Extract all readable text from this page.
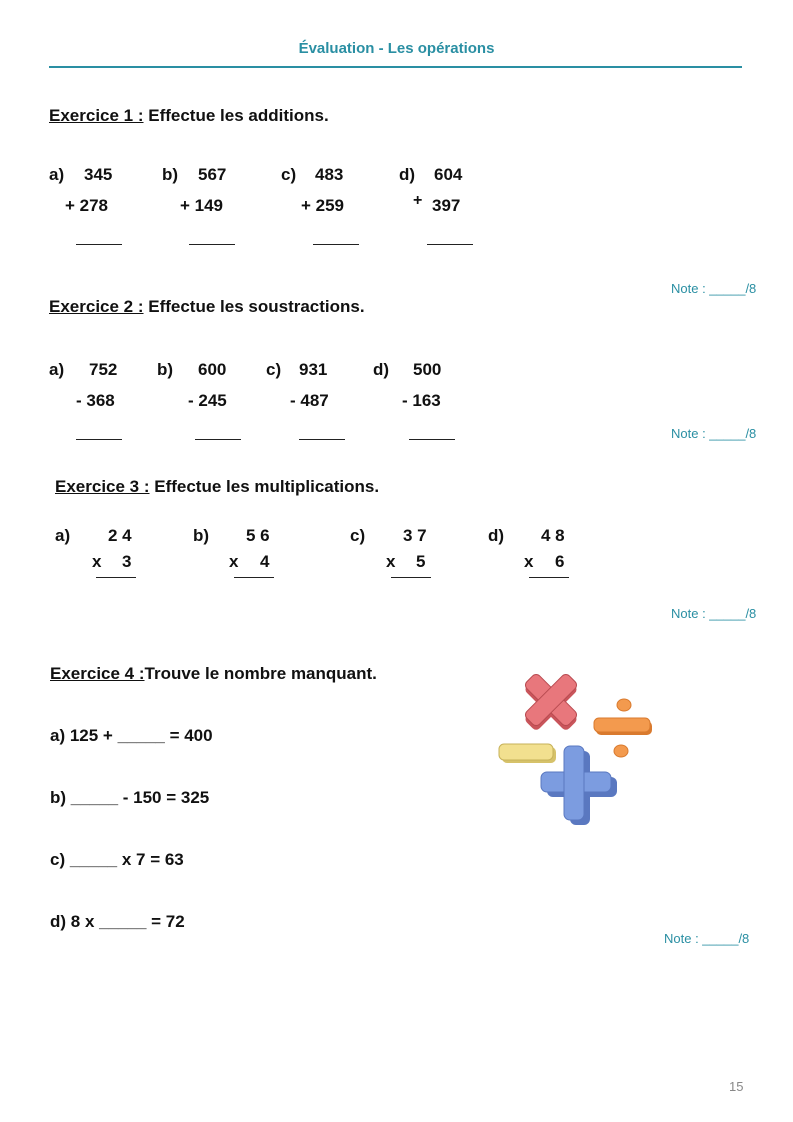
Évaluation - Les opérations
Exercice 1 : Effectue les additions.
a) 345
+ 278
b) 567
+ 149
c) 483
+ 259
d) 604
+ 397
Note : _____/8
Exercice 2 : Effectue les soustractions.
a) 752
- 368
b) 600
- 245
c) 931
- 487
d) 500
- 163
Note : _____/8
Exercice 3 : Effectue les multiplications.
a) 2 4
x 3
b) 5 6
x 4
c) 3 7
x 5
d) 4 8
x 6
Note : _____/8
Exercice 4 :Trouve le nombre manquant.
a) 125 + _____ = 400
b) _____ - 150 = 325
c) _____ x 7 = 63
d) 8 x _____ = 72
Note : _____/8
15
